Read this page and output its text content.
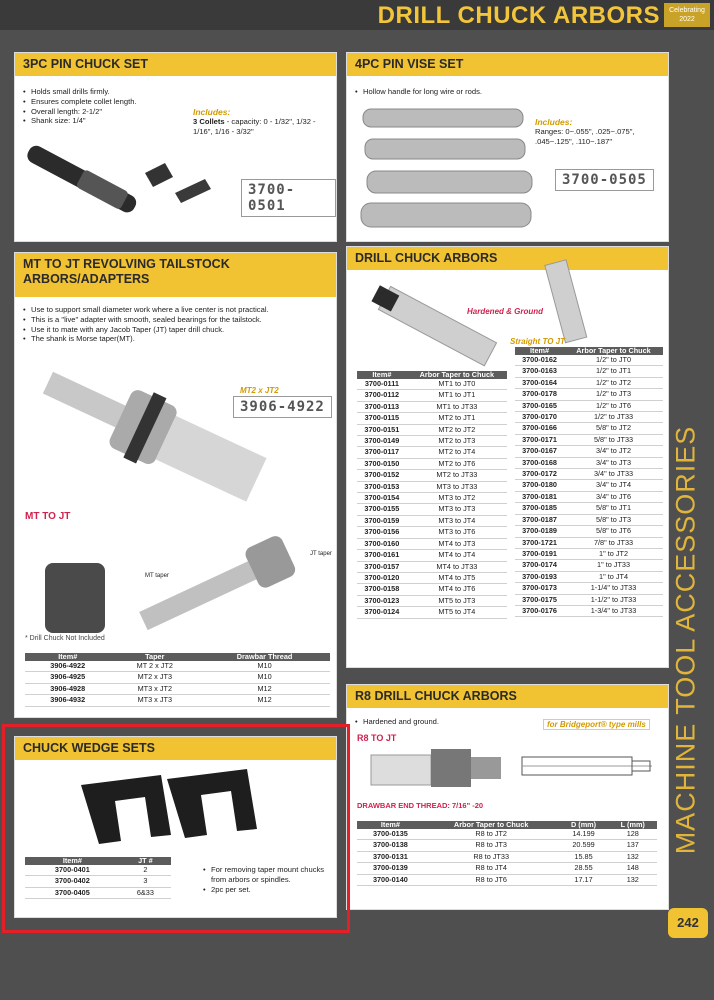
DRILL CHUCK ARBORS	Celebrating 2022
3PC PIN CHUCK SET
• Holds small drills firmly.
• Ensures complete collet length.
• Overall length: 2-1/2"
• Shank size: 1/4"
Includes:
3 Collets - capacity: 0 - 1/32", 1/32 - 1/16", 1/16 - 3/32"
3700-0501
4PC PIN VISE SET
• Hollow handle for long wire or rods.
Includes:
Ranges: 0~.055", .025~.075", .045~.125", .110~.187"
3700-0505
MT TO JT REVOLVING TAILSTOCK ARBORS/ADAPTERS
• Use to support small diameter work where a live center is not practical.
• This is a "live" adapter with smooth, sealed bearings for the tailstock.
• Use it to mate with any Jacob Taper (JT) taper drill chuck.
• The shank is Morse taper(MT).
MT2 x JT2
3906-4922
MT TO JT
MT taper
JT taper
* Drill Chuck Not Included
Item#	Taper	Drawbar Thread
3906-4922	MT 2 x JT2	M10
3906-4925	MT2 x JT3	M10
3906-4928	MT3 x JT2	M12
3906-4932	MT3 x JT3	M12
DRILL CHUCK ARBORS
Hardened & Ground
Straight TO JT
Item#	Arbor Taper to Chuck
3700-0111	MT1 to JT0
3700-0112	MT1 to JT1
3700-0113	MT1 to JT33
3700-0115	MT2 to JT1
3700-0151	MT2 to JT2
3700-0149	MT2 to JT3
3700-0117	MT2 to JT4
3700-0150	MT2 to JT6
3700-0152	MT2 to JT33
3700-0153	MT3 to JT33
3700-0154	MT3 to JT2
3700-0155	MT3 to JT3
3700-0159	MT3 to JT4
3700-0156	MT3 to JT6
3700-0160	MT4 to JT3
3700-0161	MT4 to JT4
3700-0157	MT4 to JT33
3700-0120	MT4 to JT5
3700-0158	MT4 to JT6
3700-0123	MT5 to JT3
3700-0124	MT5 to JT4
Item#	Arbor Taper to Chuck
3700-0162	1/2" to JT0
3700-0163	1/2" to JT1
3700-0164	1/2" to JT2
3700-0178	1/2" to JT3
3700-0165	1/2" to JT6
3700-0170	1/2" to JT33
3700-0166	5/8" to JT2
3700-0171	5/8" to JT33
3700-0167	3/4" to JT2
3700-0168	3/4" to JT3
3700-0172	3/4" to JT33
3700-0180	3/4" to JT4
3700-0181	3/4" to JT6
3700-0185	5/8" to JT1
3700-0187	5/8" to JT3
3700-0189	5/8" to JT6
3700-1721	7/8" to JT33
3700-0191	1" to JT2
3700-0174	1" to JT33
3700-0193	1" to JT4
3700-0173	1-1/4" to JT33
3700-0175	1-1/2" to JT33
3700-0176	1-3/4" to JT33
R8 DRILL CHUCK ARBORS
• Hardened and ground.	for Bridgeport® type mills
R8 TO JT
DRAWBAR END THREAD: 7/16" -20
Item#	Arbor Taper to Chuck	D (mm)	L (mm)
3700-0135	R8 to JT2	14.199	128
3700-0138	R8 to JT3	20.599	137
3700-0131	R8 to JT33	15.85	132
3700-0139	R8 to JT4	28.55	148
3700-0140	R8 to JT6	17.17	132
CHUCK WEDGE SETS
Item#	JT #
3700-0401	2
3700-0402	3
3700-0405	6&33
• For removing taper mount chucks from arbors or spindles.
• 2pc per set.
MACHINE TOOL ACCESSORIES
242
